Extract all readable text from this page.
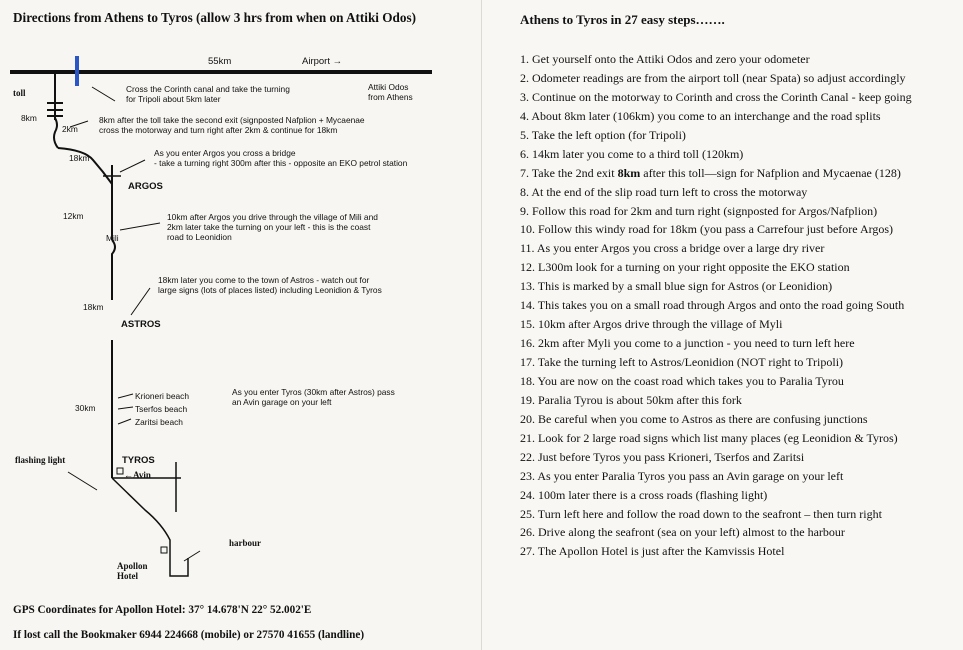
Directions from Athens to Tyros (allow 3 hrs from when on Attiki Odos)
55km	Airport →
Attiki Odos
from Athens
Cross the Corinth canal and take the turning
for Tripoli about 5km later
toll
8km
2km
8km after the toll take the second exit (signposted Nafplion + Mycaenae
cross the motorway and turn right after 2km & continue for 18km
18km	As you enter Argos you cross a bridge
- take a turning right 300m after this - opposite an EKO petrol station
ARGOS
12km
Mili
10km after Argos you drive through the village of Mili and
2km later take the turning on your left - this is the coast
road to Leonidion
18km later you come to the town of Astros - watch out for
large signs (lots of places listed) including Leonidion & Tyros
18km
ASTROS
Krioneri beach
Tserfos beach
Zaritsi beach
30km
As you enter Tyros (30km after Astros) pass
an Avin garage on your left
flashing light	TYROS
←Avin
harbour
Apollon
Hotel
GPS Coordinates for Apollon Hotel: 37° 14.678'N 22° 52.002'E
If lost call the Bookmaker 6944 224668 (mobile) or 27570 41655 (landline)
Athens to Tyros in 27 easy steps…….
1. Get yourself onto the Attiki Odos and zero your odometer
2. Odometer readings are from the airport toll (near Spata) so adjust accordingly
3. Continue on the motorway to Corinth and cross the Corinth Canal - keep going
4. About 8km later (106km) you come to an interchange and the road splits
5. Take the left option (for Tripoli)
6. 14km later you come to a third toll (120km)
7. Take the 2nd exit 8km after this toll—sign for Nafplion and Mycaenae (128)
8. At the end of the slip road turn left to cross the motorway
9. Follow this road for 2km and turn right (signposted for Argos/Nafplion)
10. Follow this windy road for 18km (you pass a Carrefour just before Argos)
11. As you enter Argos you cross a bridge over a large dry river
12. L300m look for a turning on your right opposite the EKO station
13. This is marked by a small blue sign for Astros (or Leonidion)
14. This takes you on a small road through Argos and onto the road going South
15. 10km after Argos drive through the village of Myli
16. 2km after Myli you come to a junction - you need to turn left here
17. Take the turning left to Astros/Leonidion (NOT right to Tripoli)
18. You are now on the coast road which takes you to Paralia Tyrou
19. Paralia Tyrou is about 50km after this fork
20. Be careful when you come to Astros as there are confusing junctions
21. Look for 2 large road signs which list many places (eg Leonidion & Tyros)
22. Just before Tyros you pass Krioneri, Tserfos and Zaritsi
23. As you enter Paralia Tyros you pass an Avin garage on your left
24. 100m later there is a cross roads (flashing light)
25. Turn left here and follow the road down to the seafront – then turn right
26. Drive along the seafront (sea on your left) almost to the harbour
27. The Apollon Hotel is just after the Kamvissis Hotel
